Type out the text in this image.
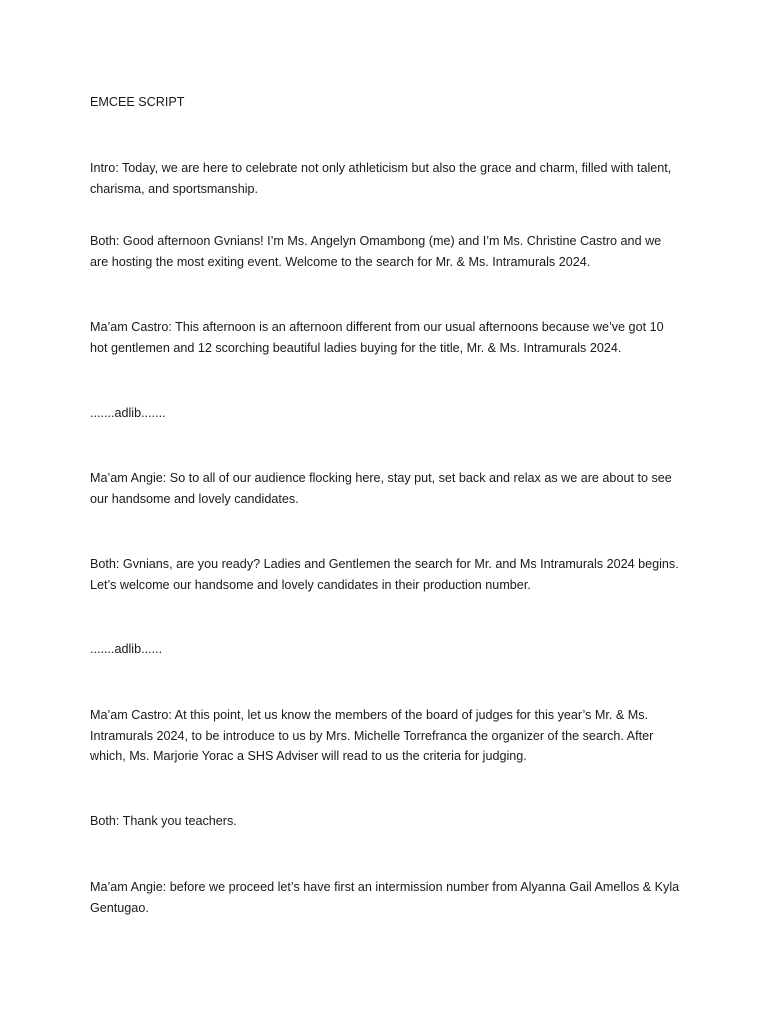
EMCEE SCRIPT

Intro: Today, we are here to celebrate not only athleticism but also the grace and charm, filled with talent, charisma, and sportsmanship.

Both: Good afternoon Gvnians! I’m Ms. Angelyn Omambong (me) and I’m Ms. Christine Castro and we are hosting the most exiting event. Welcome to the search for Mr. & Ms. Intramurals 2024.

Ma’am Castro: This afternoon is an afternoon different from our usual afternoons because we’ve got 10 hot gentlemen and 12 scorching beautiful ladies buying for the title, Mr. & Ms. Intramurals 2024.

.......adlib.......

Ma’am Angie: So to all of our audience flocking here, stay put, set back and relax as we are about to see our handsome and lovely candidates.

Both: Gvnians, are you ready? Ladies and Gentlemen the search for Mr. and Ms Intramurals 2024 begins. Let’s welcome our handsome and lovely candidates in their production number.

.......adlib......

Ma’am Castro: At this point, let us know the members of the board of judges for this year’s Mr. & Ms. Intramurals 2024, to be introduce to us by Mrs. Michelle Torrefranca the organizer of the search. After which, Ms. Marjorie Yorac a SHS Adviser will read to us the criteria for judging.

Both: Thank you teachers.

Ma’am Angie: before we proceed let’s have first an intermission number from Alyanna Gail Amellos & Kyla Gentugao.
